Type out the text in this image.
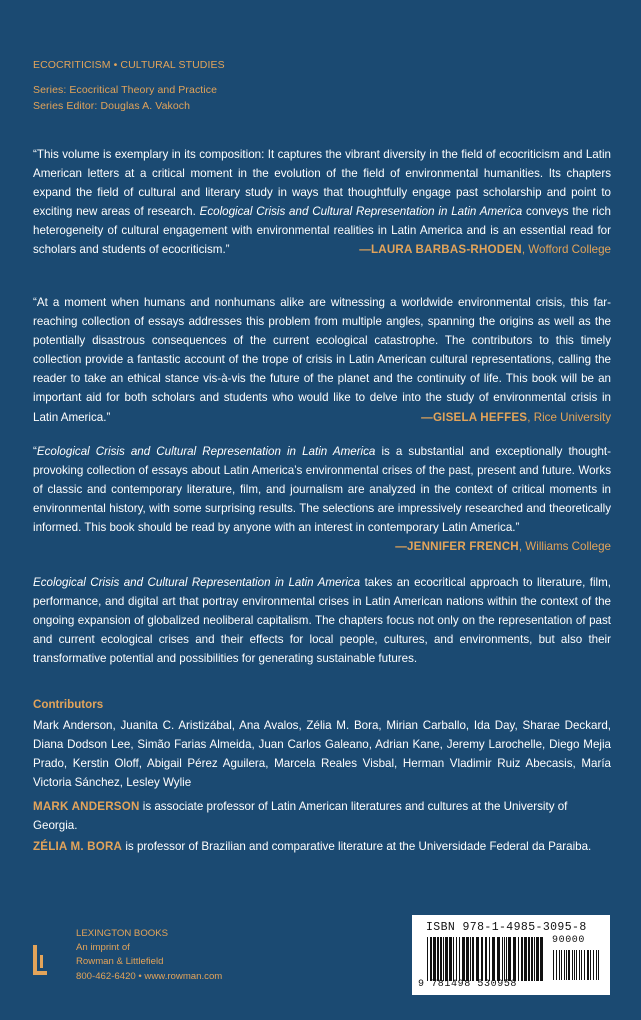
ECOCRITICISM • CULTURAL STUDIES
Series: Ecocritical Theory and Practice
Series Editor: Douglas A. Vakoch
“This volume is exemplary in its composition: It captures the vibrant diversity in the field of ecocriticism and Latin American letters at a critical moment in the evolution of the field of environmental humanities. Its chapters expand the field of cultural and literary study in ways that thoughtfully engage past scholarship and point to exciting new areas of research. Ecological Crisis and Cultural Representation in Latin America conveys the rich heterogeneity of cultural engagement with environmental realities in Latin America and is an essential read for scholars and students of ecocriticism.”	—LAURA BARBAS-RHODEN, Wofford College
“At a moment when humans and nonhumans alike are witnessing a worldwide environmental crisis, this far-reaching collection of essays addresses this problem from multiple angles, spanning the origins as well as the potentially disastrous consequences of the current ecological catastrophe. The contributors to this timely collection provide a fantastic account of the trope of crisis in Latin American cultural representations, calling the reader to take an ethical stance vis-à-vis the future of the planet and the continuity of life. This book will be an important aid for both scholars and students who would like to delve into the study of environmental crisis in Latin America.”	—GISELA HEFFES, Rice University
“Ecological Crisis and Cultural Representation in Latin America is a substantial and exceptionally thought-provoking collection of essays about Latin America’s environmental crises of the past, present and future. Works of classic and contemporary literature, film, and journalism are analyzed in the context of critical moments in environmental history, with some surprising results. The selections are impressively researched and theoretically informed. This book should be read by anyone with an interest in contemporary Latin America.”
—JENNIFER FRENCH, Williams College
Ecological Crisis and Cultural Representation in Latin America takes an ecocritical approach to literature, film, performance, and digital art that portray environmental crises in Latin American nations within the context of the ongoing expansion of globalized neoliberal capitalism. The chapters focus not only on the representation of past and current ecological crises and their effects for local people, cultures, and environments, but also their transformative potential and possibilities for generating sustainable futures.
Contributors
Mark Anderson, Juanita C. Aristizábal, Ana Avalos, Zélia M. Bora, Mirian Carballo, Ida Day, Sharae Deckard, Diana Dodson Lee, Simão Farias Almeida, Juan Carlos Galeano, Adrian Kane, Jeremy Larochelle, Diego Mejia Prado, Kerstin Oloff, Abigail Pérez Aguilera, Marcela Reales Visbal, Herman Vladimir Ruiz Abecasis, María Victoria Sánchez, Lesley Wylie
MARK ANDERSON is associate professor of Latin American literatures and cultures at the University of Georgia.
ZÉLIA M. BORA is professor of Brazilian and comparative literature at the Universidade Federal da Paraiba.
LEXINGTON BOOKS
An imprint of
Rowman & Littlefield
800-462-6420 • www.rowman.com
ISBN 978-1-4985-3095-8
90000
9 781498 530958
